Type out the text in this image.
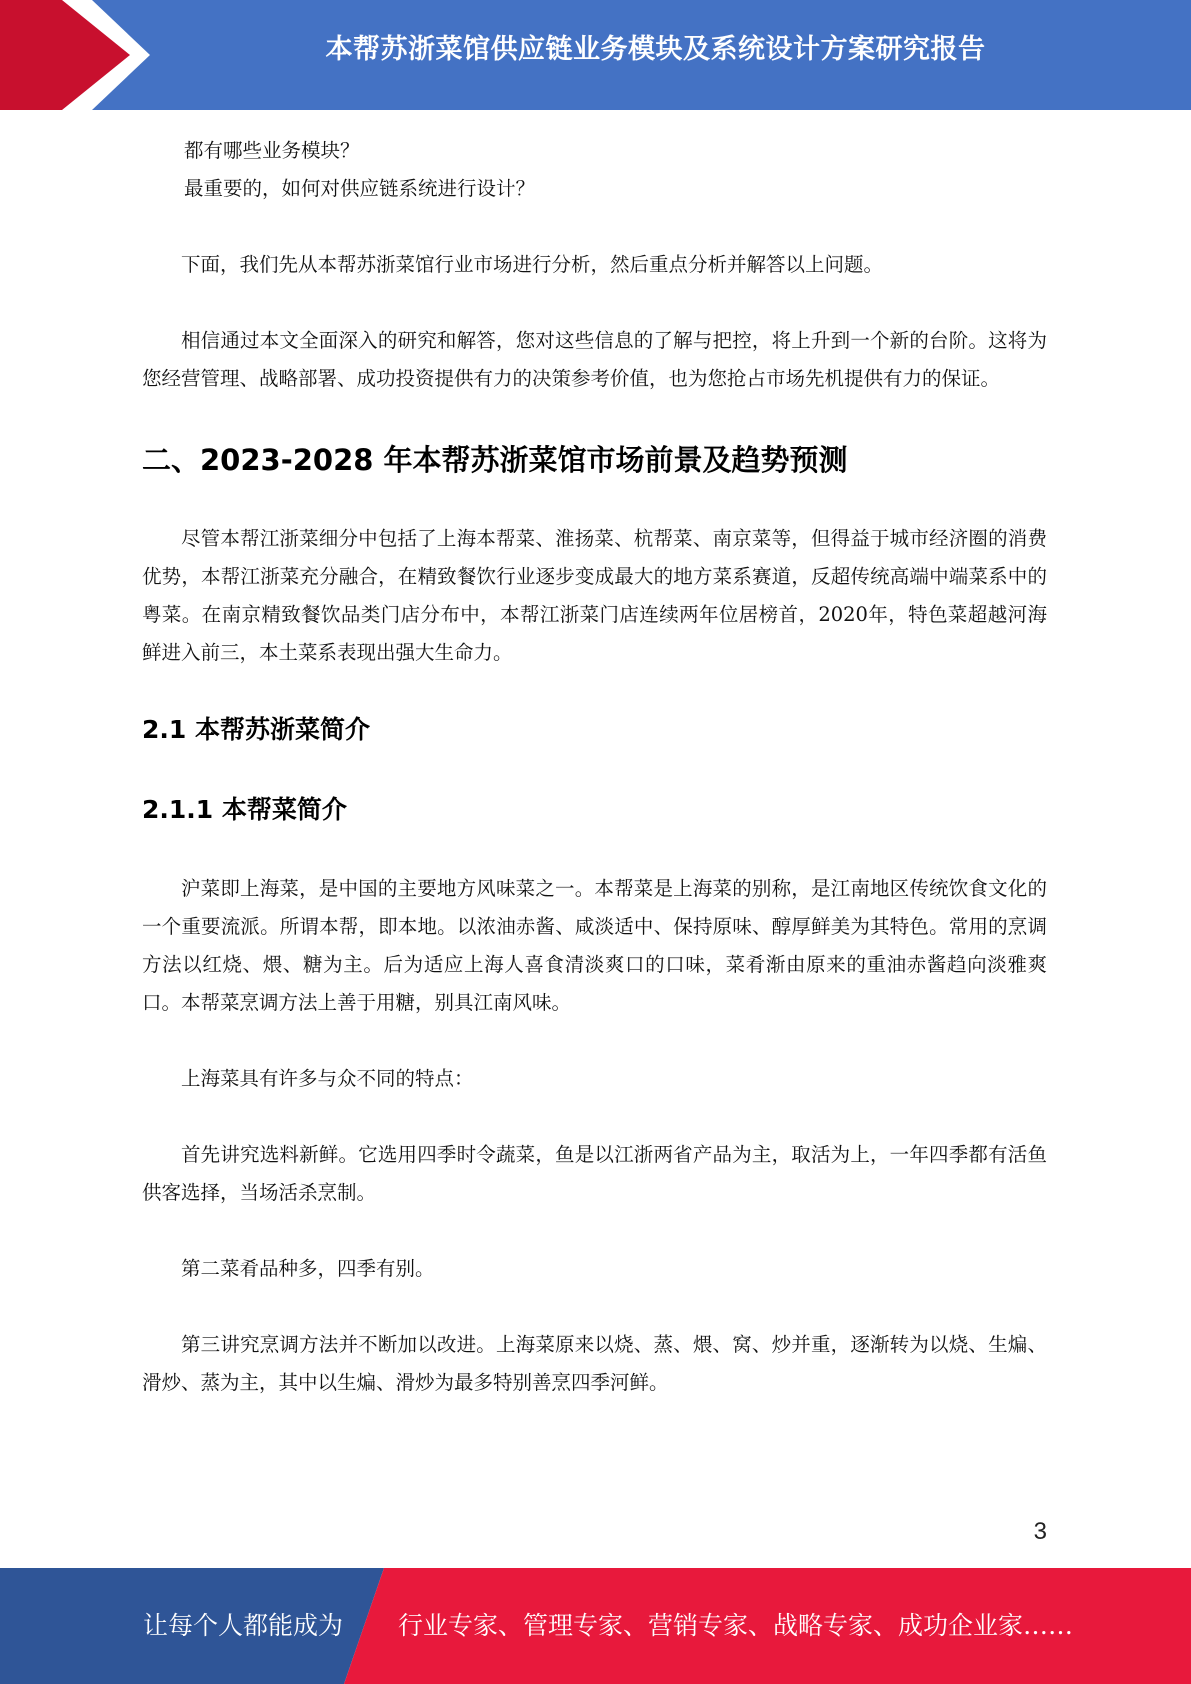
本帮苏浙菜馆供应链业务模块及系统设计方案研究报告

都有哪些业务模块？

最重要的，如何对供应链系统进行设计？

下面，我们先从本帮苏浙菜馆行业市场进行分析，然后重点分析并解答以上问题。

相信通过本文全面深入的研究和解答，您对这些信息的了解与把控，将上升到一个新的台阶。这将为您经营管理、战略部署、成功投资提供有力的决策参考价值，也为您抢占市场先机提供有力的保证。

二、2023-2028 年本帮苏浙菜馆市场前景及趋势预测

尽管本帮江浙菜细分中包括了上海本帮菜、淮扬菜、杭帮菜、南京菜等，但得益于城市经济圈的消费优势，本帮江浙菜充分融合，在精致餐饮行业逐步变成最大的地方菜系赛道，反超传统高端中端菜系中的粤菜。在南京精致餐饮品类门店分布中，本帮江浙菜门店连续两年位居榜首，2020年，特色菜超越河海鲜进入前三，本土菜系表现出强大生命力。

2.1 本帮苏浙菜简介
2.1.1 本帮菜简介

沪菜即上海菜，是中国的主要地方风味菜之一。本帮菜是上海菜的别称，是江南地区传统饮食文化的一个重要流派。所谓本帮，即本地。以浓油赤酱、咸淡适中、保持原味、醇厚鲜美为其特色。常用的烹调方法以红烧、煨、糖为主。后为适应上海人喜食清淡爽口的口味，菜肴渐由原来的重油赤酱趋向淡雅爽口。本帮菜烹调方法上善于用糖，别具江南风味。

上海菜具有许多与众不同的特点：

首先讲究选料新鲜。它选用四季时令蔬菜，鱼是以江浙两省产品为主，取活为上，一年四季都有活鱼供客选择，当场活杀烹制。

第二菜肴品种多，四季有别。

第三讲究烹调方法并不断加以改进。上海菜原来以烧、蒸、煨、窝、炒并重，逐渐转为以烧、生煸、滑炒、蒸为主，其中以生煸、滑炒为最多特别善烹四季河鲜。

3
让每个人都能成为 行业专家、管理专家、营销专家、战略专家、成功企业家……
